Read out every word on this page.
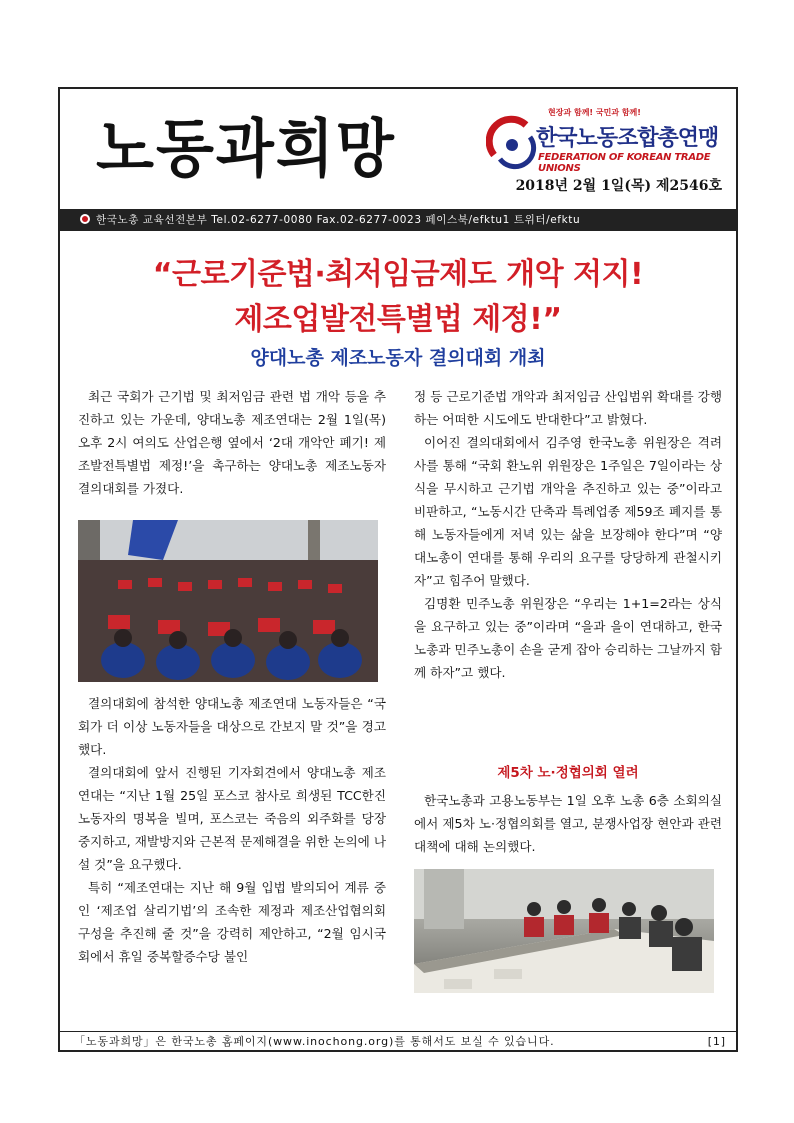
노동과희망	현장과 함께! 국민과 함께!
한국노동조합총연맹
FEDERATION OF KOREAN TRADE UNIONS
2018년 2월 1일(목) 제2546호
한국노총 교육선전본부 Tel.02-6277-0080 Fax.02-6277-0023 페이스북/efktu1 트위터/efktu
“근로기준법·최저임금제도 개악 저지!
제조업발전특별법 제정!”
양대노총 제조노동자 결의대회 개최

최근 국회가 근기법 및 최저임금 관련 법 개악 등을 추진하고 있는 가운데, 양대노총 제조연대는 2월 1일(목) 오후 2시 여의도 산업은행 옆에서 ‘2대 개악안 폐기! 제조발전특별법 제정!’을 촉구하는 양대노총 제조노동자 결의대회를 가졌다.

결의대회에 참석한 양대노총 제조연대 노동자들은 “국회가 더 이상 노동자들을 대상으로 간보지 말 것”을 경고했다.

결의대회에 앞서 진행된 기자회견에서 양대노총 제조연대는 “지난 1월 25일 포스코 참사로 희생된 TCC한진 노동자의 명복을 빌며, 포스코는 죽음의 외주화를 당장 중지하고, 재발방지와 근본적 문제해결을 위한 논의에 나설 것”을 요구했다.

특히 “제조연대는 지난 해 9월 입법 발의되어 계류 중인 ‘제조업 살리기법’의 조속한 제정과 제조산업협의회 구성을 추진해 줄 것”을 강력히 제안하고, “2월 임시국회에서 휴일 중복할증수당 불인

정 등 근로기준법 개악과 최저임금 산입범위 확대를 강행하는 어떠한 시도에도 반대한다”고 밝혔다.

이어진 결의대회에서 김주영 한국노총 위원장은 격려사를 통해 “국회 환노위 위원장은 1주일은 7일이라는 상식을 무시하고 근기법 개악을 추진하고 있는 중”이라고 비판하고, “노동시간 단축과 특례업종 제59조 폐지를 통해 노동자들에게 저녁 있는 삶을 보장해야 한다”며 “양대노총이 연대를 통해 우리의 요구를 당당하게 관철시키자”고 힘주어 말했다.

김명환 민주노총 위원장은 “우리는 1+1=2라는 상식을 요구하고 있는 중”이라며 “을과 을이 연대하고, 한국노총과 민주노총이 손을 굳게 잡아 승리하는 그날까지 함께 하자”고 했다.

제5차 노·정협의회 열려

한국노총과 고용노동부는 1일 오후 노총 6층 소회의실에서 제5차 노·정협의회를 열고, 분쟁사업장 현안과 관련대책에 대해 논의했다.

「노동과희망」은 한국노총 홈페이지(www.inochong.org)를 통해서도 보실 수 있습니다.	[1]
